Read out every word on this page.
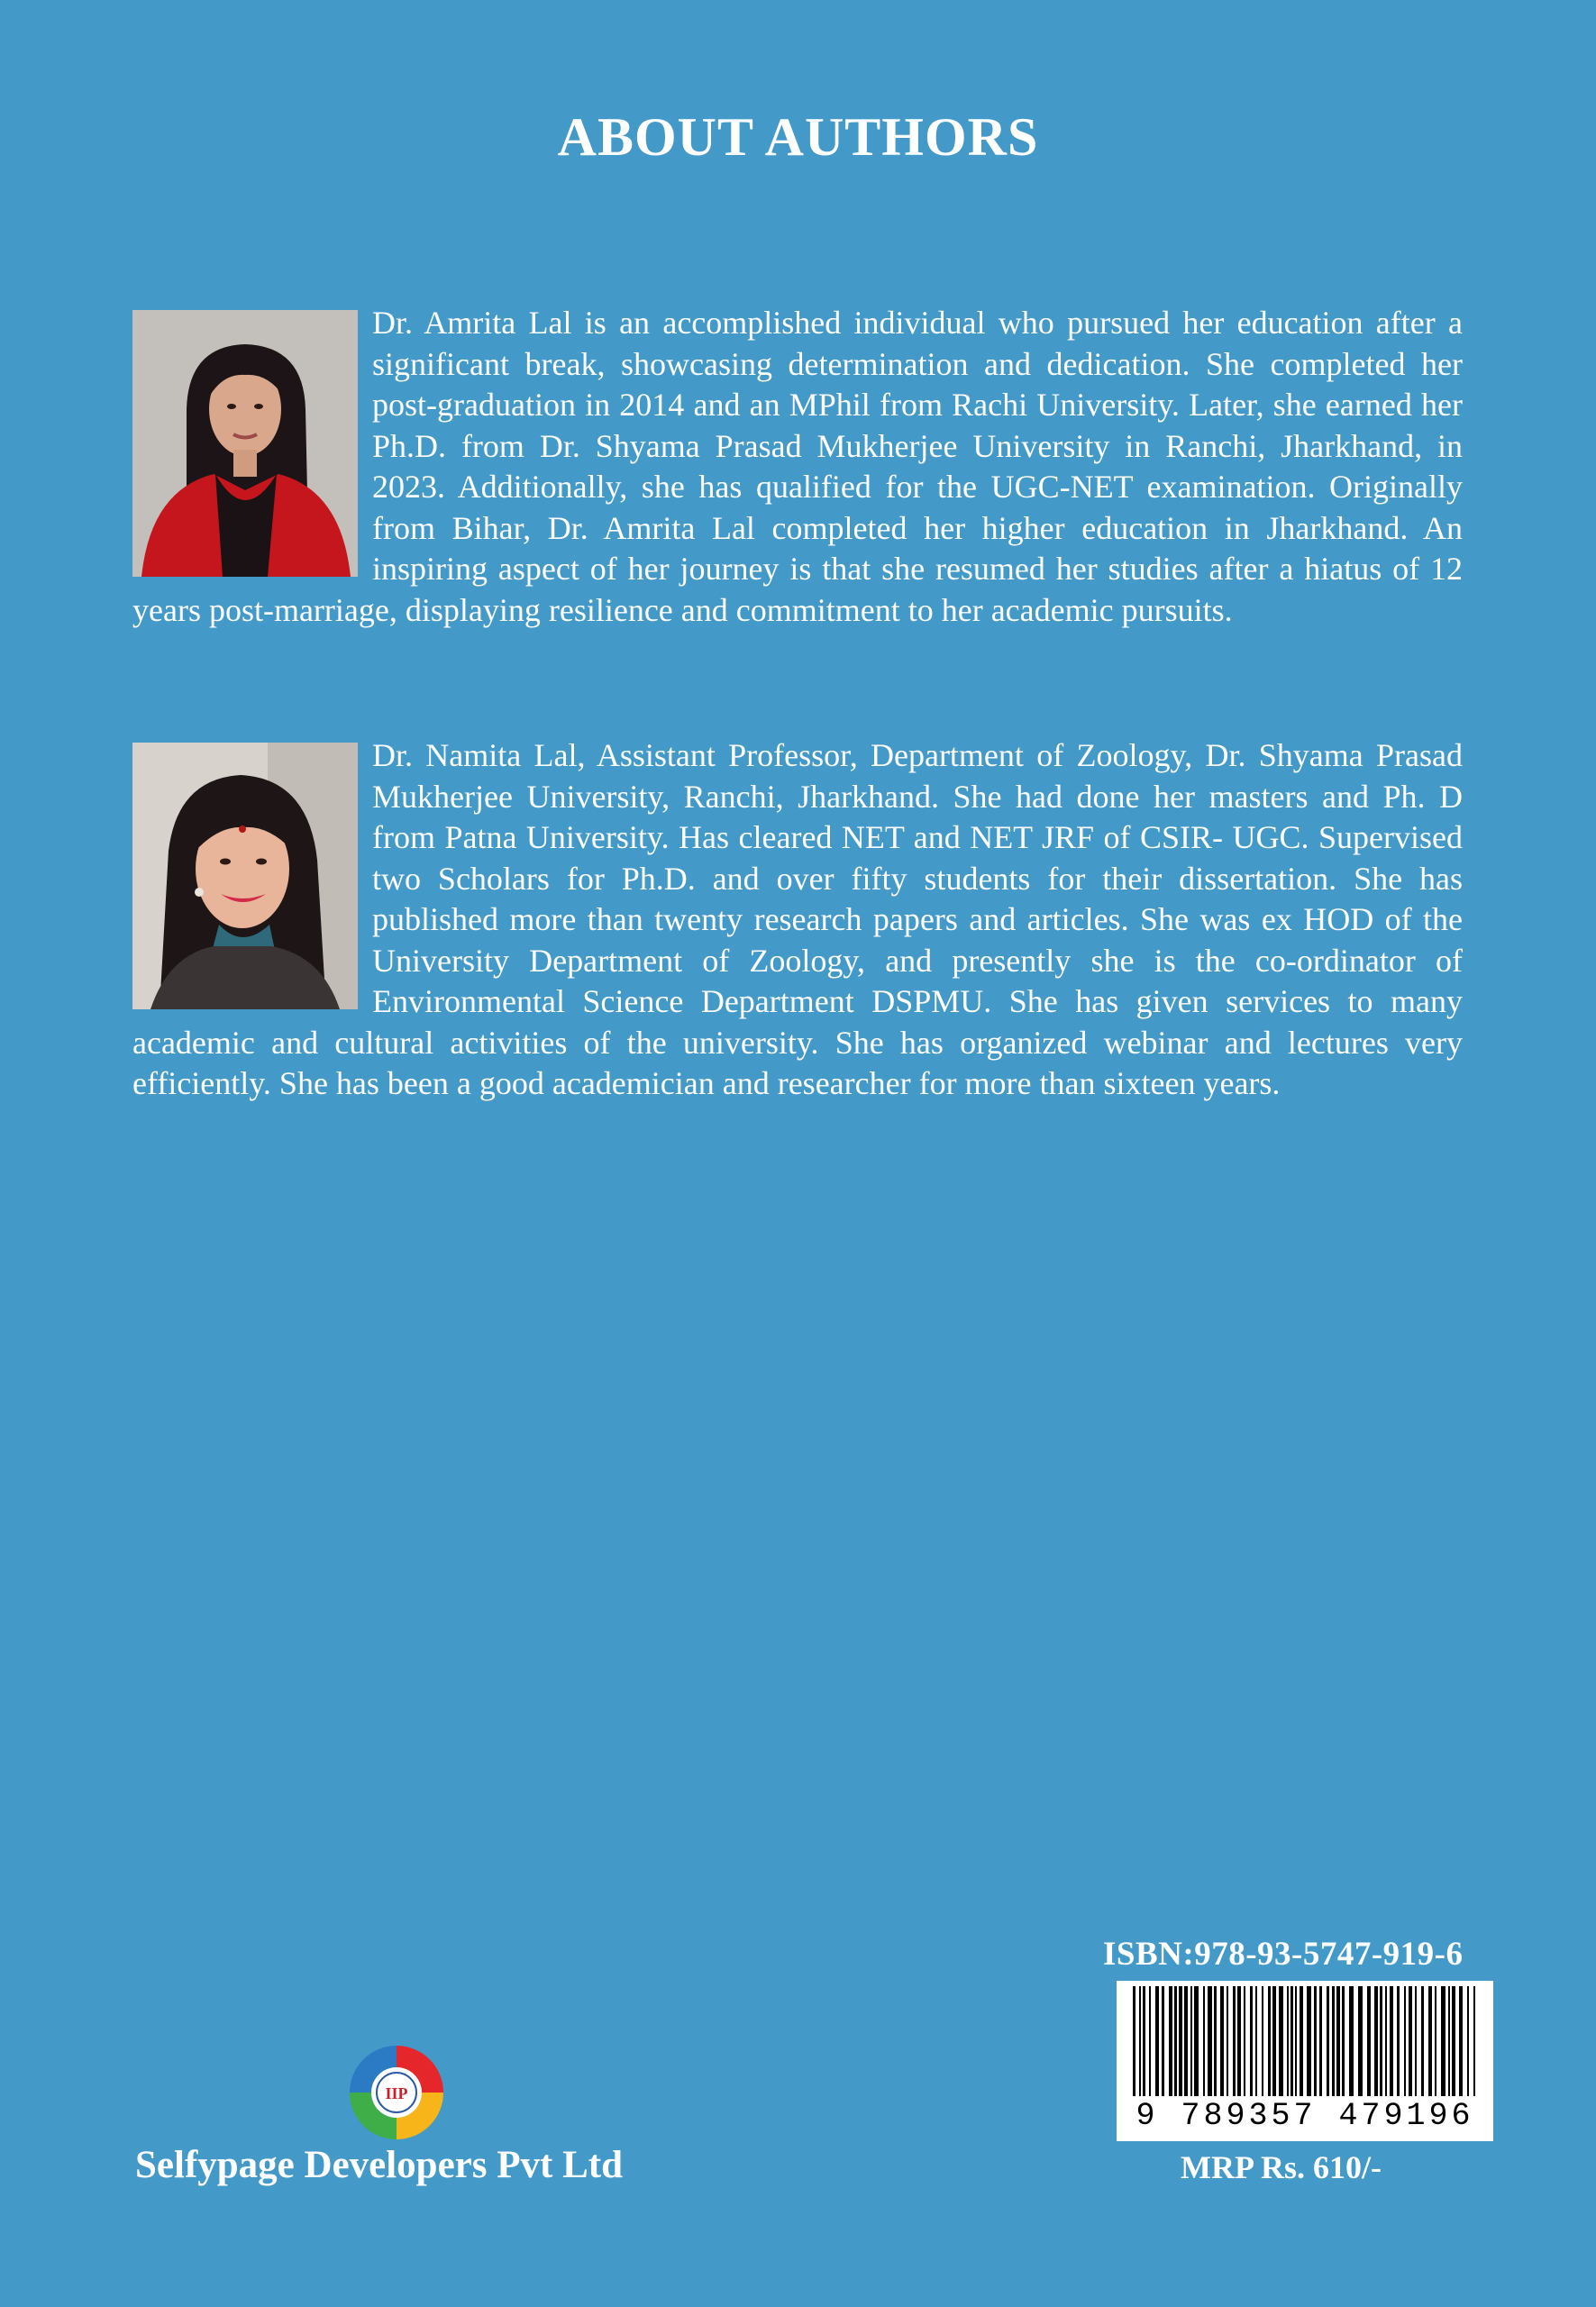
ABOUT AUTHORS
Dr. Amrita Lal is an accomplished individual who pursued her education after a significant break, showcasing determination and dedication. She completed her post-graduation in 2014 and an MPhil from Rachi University. Later, she earned her Ph.D. from Dr. Shyama Prasad Mukherjee University in Ranchi, Jharkhand, in 2023. Additionally, she has qualified for the UGC-NET examination. Originally from Bihar, Dr. Amrita Lal completed her higher education in Jharkhand. An inspiring aspect of her journey is that she resumed her studies after a hiatus of 12 years post-marriage, displaying resilience and commitment to her academic pursuits.
Dr. Namita Lal, Assistant Professor, Department of Zoology, Dr. Shyama Prasad Mukherjee University, Ranchi, Jharkhand. She had done her masters and Ph. D from Patna University. Has cleared NET and NET JRF of CSIR- UGC. Supervised two Scholars for Ph.D. and over fifty students for their dissertation. She has published more than twenty research papers and articles. She was ex HOD of the University Department of Zoology, and presently she is the co-ordinator of Environmental Science Department DSPMU. She has given services to many academic and cultural activities of the university. She has organized webinar and lectures very efficiently. She has been a good academician and researcher for more than sixteen years.
ISBN:978-93-5747-919-6
9 789357 479196
MRP Rs. 610/-
IIP
Selfypage Developers Pvt Ltd
